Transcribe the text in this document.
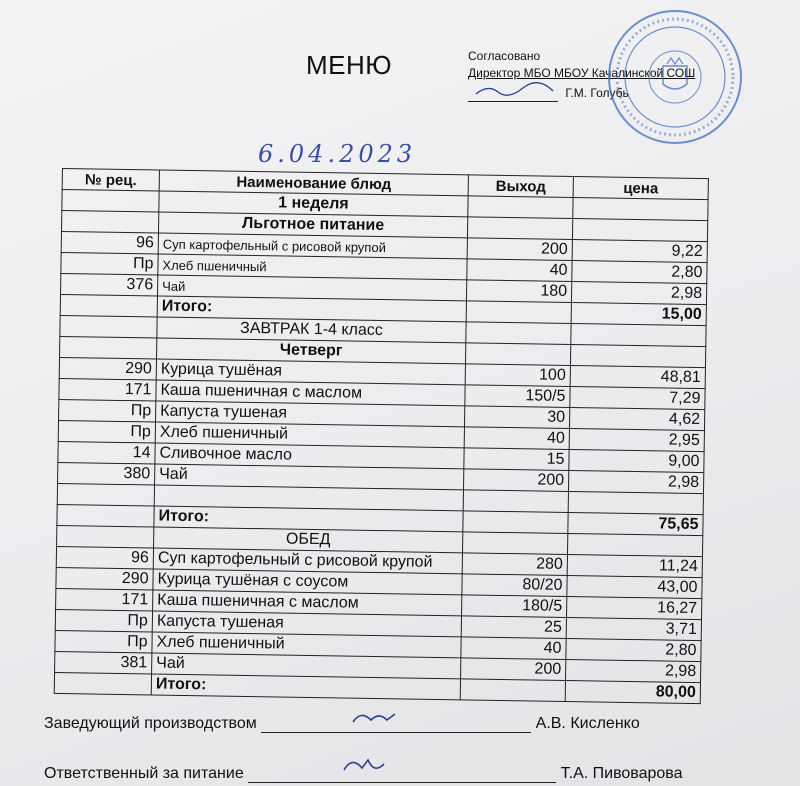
МЕНЮ	Согласовано
Директор МБО МБОУ Качалинской СОШ
Г.М. Голубь
6.04.2023
№ рец.	Наименование блюд	Выход	цена
	1 неделя		
	Льготное питание		
96	Суп картофельный с рисовой крупой	200	9,22
Пр	Хлеб пшеничный	40	2,80
376	Чай	180	2,98
	Итого:		15,00
	ЗАВТРАК 1-4 класс		
	Четверг		
290	Курица тушёная	100	48,81
171	Каша пшеничная с маслом	150/5	7,29
Пр	Капуста тушеная	30	4,62
Пр	Хлеб пшеничный	40	2,95
14	Сливочное масло	15	9,00
380	Чай	200	2,98

	Итого:		75,65
	ОБЕД		
96	Суп картофельный с рисовой крупой	280	11,24
290	Курица тушёная с соусом	80/20	43,00
171	Каша пшеничная с маслом	180/5	16,27
Пр	Капуста тушеная	25	3,71
Пр	Хлеб пшеничный	40	2,80
381	Чай	200	2,98
	Итого:		80,00
Заведующий производством	А.В. Кисленко
Ответственный за питание	Т.А. Пивоварова
